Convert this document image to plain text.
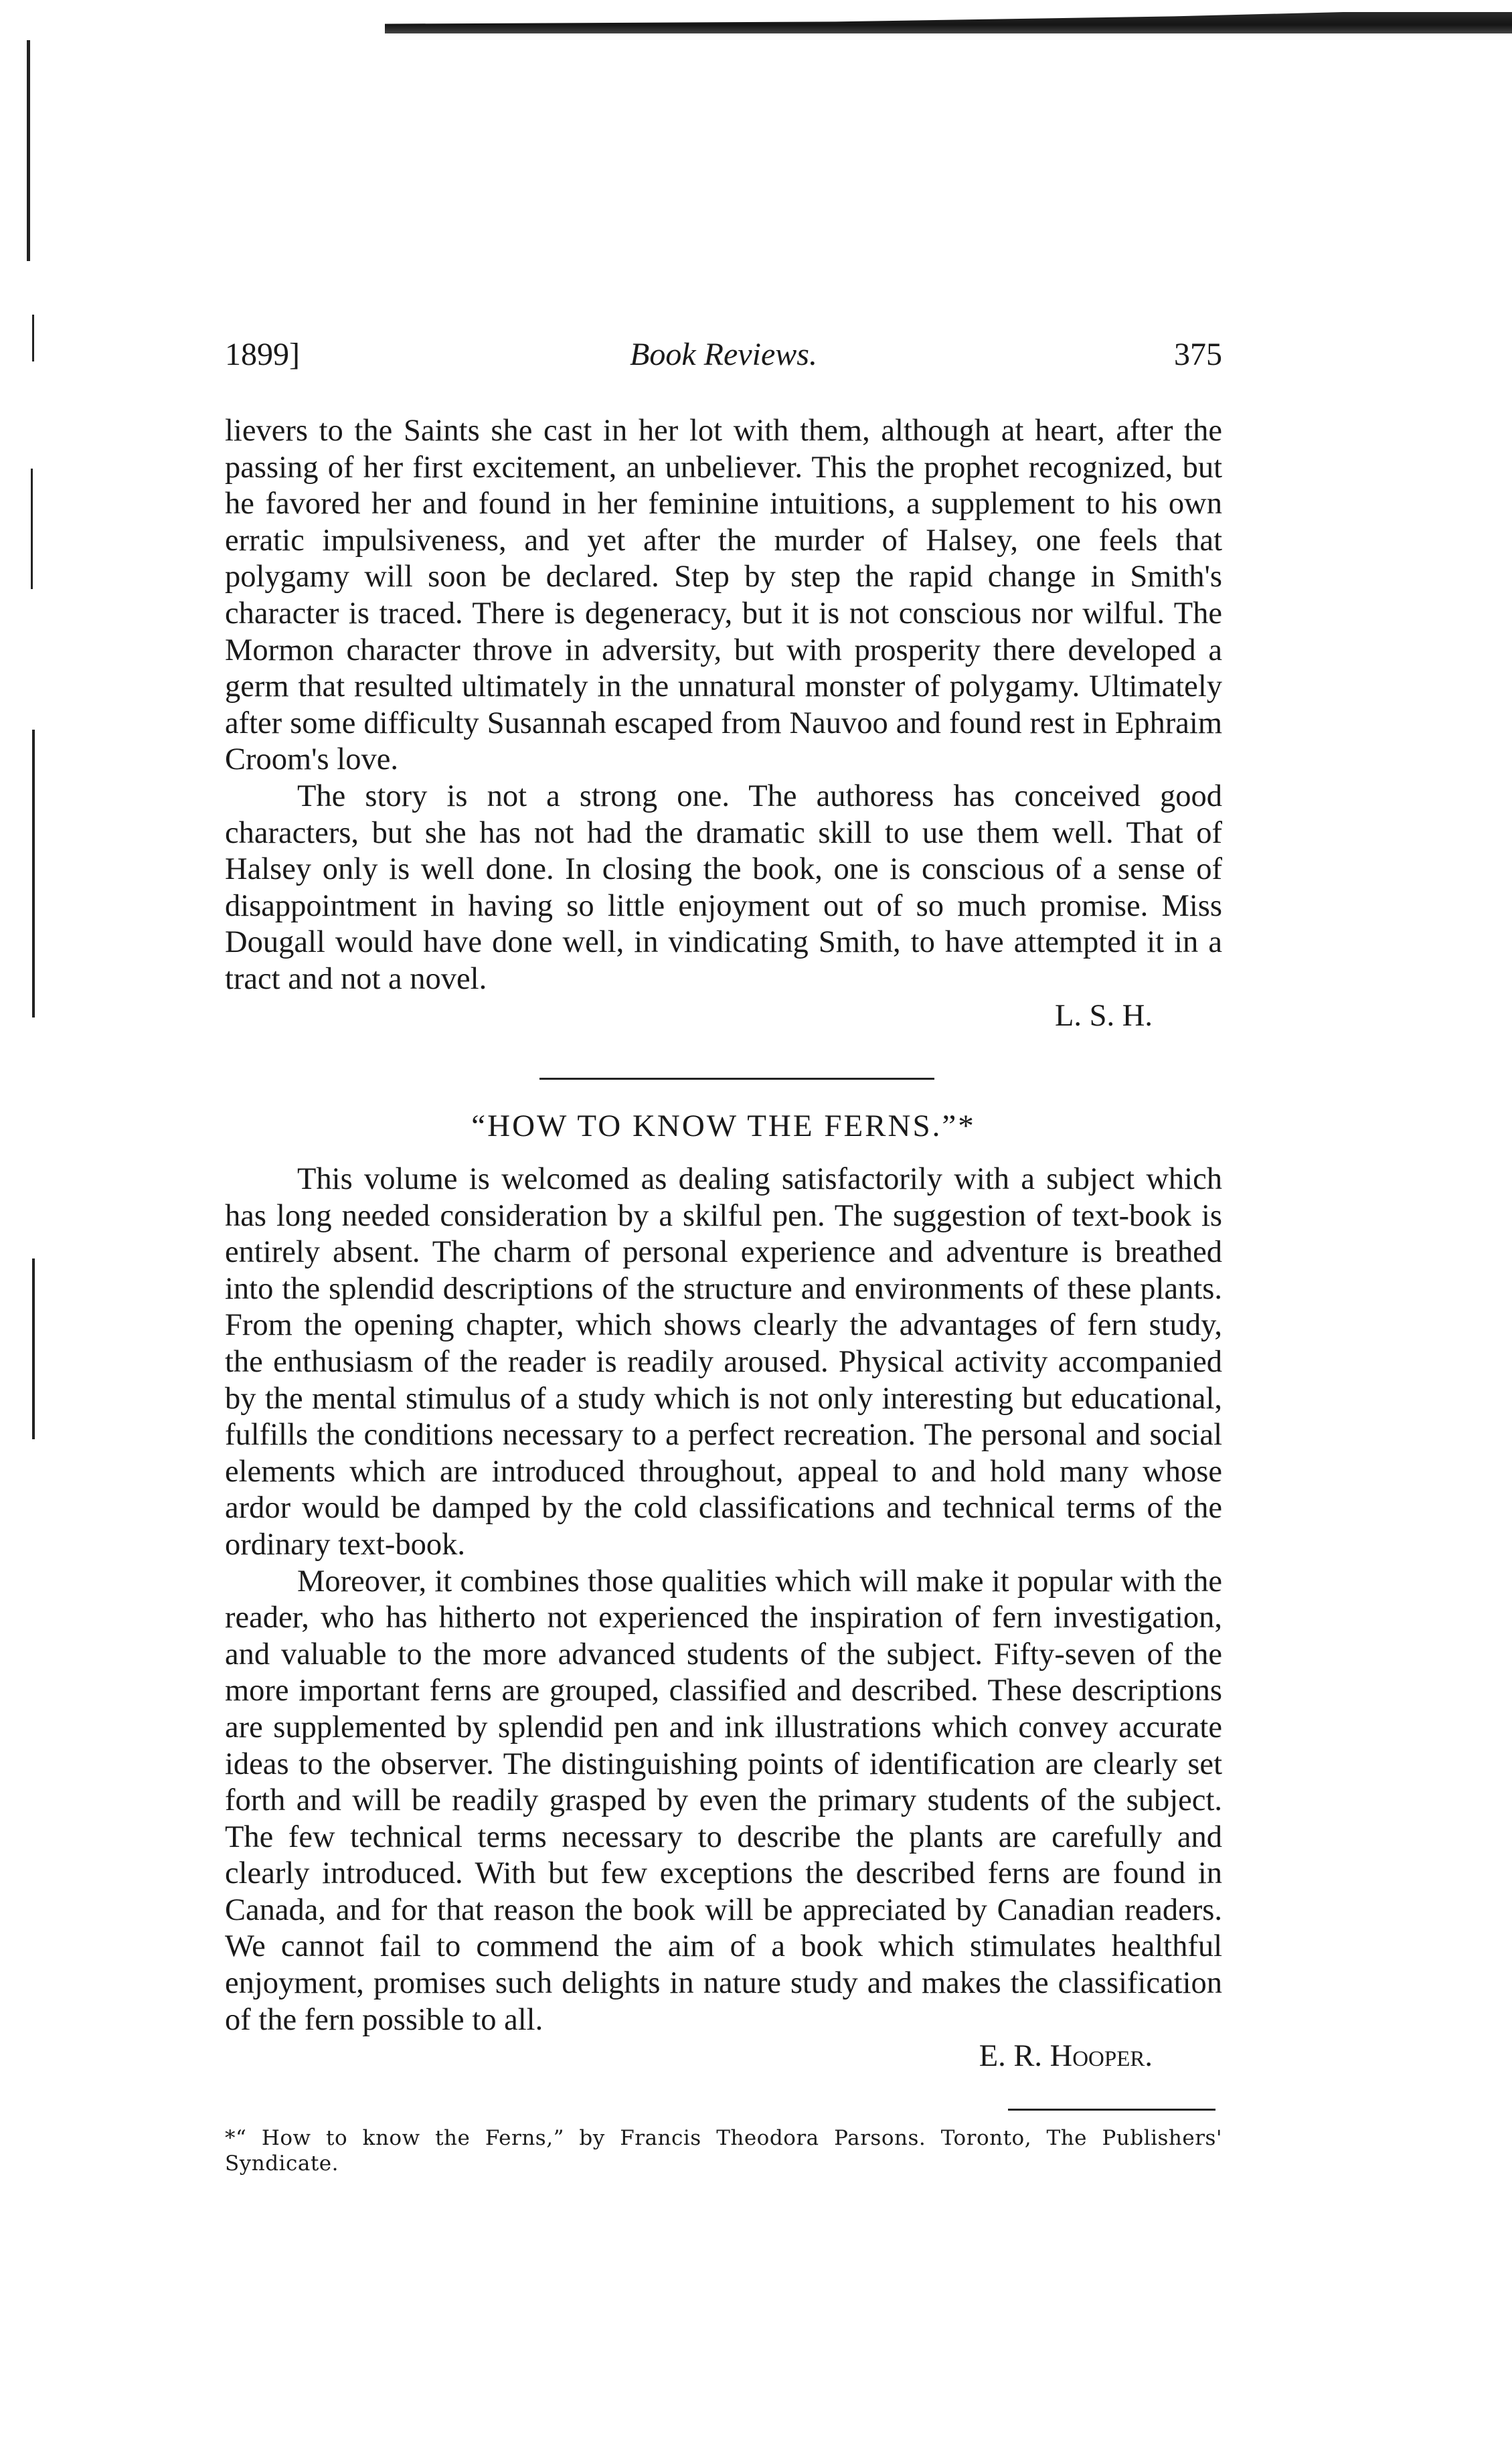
1899]	Book Reviews.	375

lievers to the Saints she cast in her lot with them, although at heart, after the passing of her first excitement, an unbeliever. This the prophet recognized, but he favored her and found in her feminine intuitions, a supplement to his own erratic impulsiveness, and yet after the murder of Halsey, one feels that polygamy will soon be declared. Step by step the rapid change in Smith's character is traced. There is degeneracy, but it is not conscious nor wilful. The Mormon character throve in adversity, but with prosperity there developed a germ that resulted ultimately in the unnatural monster of polygamy. Ultimately after some difficulty Susannah escaped from Nauvoo and found rest in Ephraim Croom's love.

The story is not a strong one. The authoress has conceived good characters, but she has not had the dramatic skill to use them well. That of Halsey only is well done. In closing the book, one is conscious of a sense of disappointment in having so little enjoyment out of so much promise. Miss Dougall would have done well, in vindicating Smith, to have attempted it in a tract and not a novel.

L. S. H.

“HOW TO KNOW THE FERNS.”*

This volume is welcomed as dealing satisfactorily with a subject which has long needed consideration by a skilful pen. The suggestion of text-book is entirely absent. The charm of personal experience and adventure is breathed into the splendid descriptions of the structure and environments of these plants. From the opening chapter, which shows clearly the advantages of fern study, the enthusiasm of the reader is readily aroused. Physical activity accompanied by the mental stimulus of a study which is not only interesting but educational, fulfills the conditions necessary to a perfect recreation. The personal and social elements which are introduced throughout, appeal to and hold many whose ardor would be damped by the cold classifications and technical terms of the ordinary text-book.

Moreover, it combines those qualities which will make it popular with the reader, who has hitherto not experienced the inspiration of fern investigation, and valuable to the more advanced students of the subject. Fifty-seven of the more important ferns are grouped, classified and described. These descriptions are supplemented by splendid pen and ink illustrations which convey accurate ideas to the observer. The distinguishing points of identification are clearly set forth and will be readily grasped by even the primary students of the subject. The few technical terms necessary to describe the plants are carefully and clearly introduced. With but few exceptions the described ferns are found in Canada, and for that reason the book will be appreciated by Canadian readers. We cannot fail to commend the aim of a book which stimulates healthful enjoyment, promises such delights in nature study and makes the classification of the fern possible to all.

E. R. Hooper.

*“ How to know the Ferns,” by Francis Theodora Parsons. Toronto, The Publishers' Syndicate.
